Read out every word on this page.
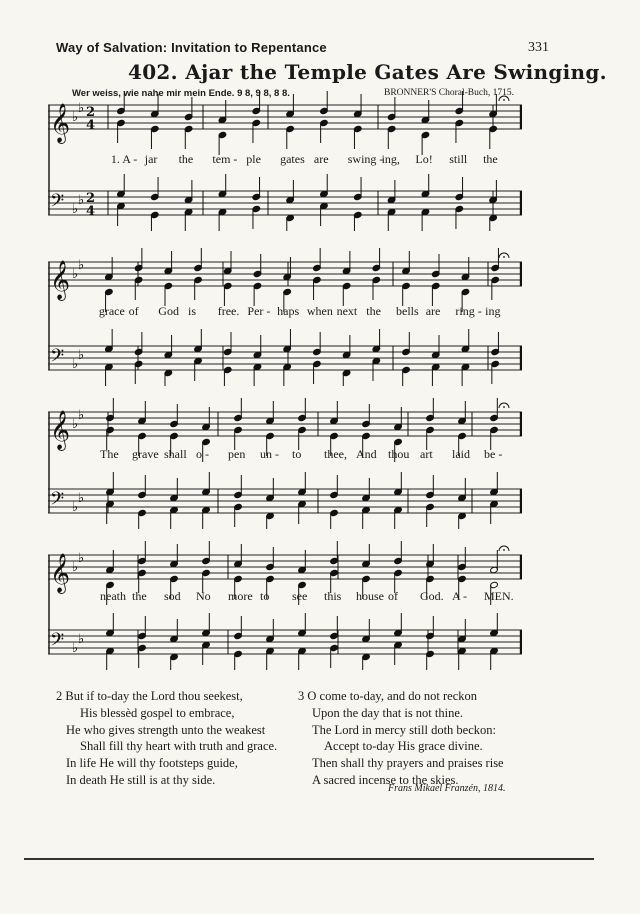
Way of Salvation: Invitation to Repentance	331
402. Ajar the Temple Gates Are Swinging.
Wer weiss, wie nahe mir mein Ende. 9 8, 9 8, 8 8.	BRONNER'S Choral-Buch, 1715.
𝄞 ♭
♭ 2
4
𝄢 ♭
♭ 2
4
𝄞 ♭
♭
𝄢 ♭
♭
𝄞 ♭
♭
𝄢 ♭
♭
𝄞 ♭
♭
𝄢 ♭
♭
1. A - jar the tem - ple gates are swing -
ing, Lo! still the
grace of God is free. Per - haps when next the bells are ring - ing
The grave shall o - pen un - to thee, And thou art laid be -
neath the sod No more to see this house of God. A - MEN.
2 But if to-day the Lord thou seekest,
His blessèd gospel to embrace,
He who gives strength unto the weakest
Shall fill thy heart with truth and grace.
In life He will thy footsteps guide,
In death He still is at thy side.
3 O come to-day, and do not reckon
Upon the day that is not thine.
The Lord in mercy still doth beckon:
Accept to-day His grace divine.
Then shall thy prayers and praises rise
A sacred incense to the skies.
Frans Mikael Franzén, 1814.
